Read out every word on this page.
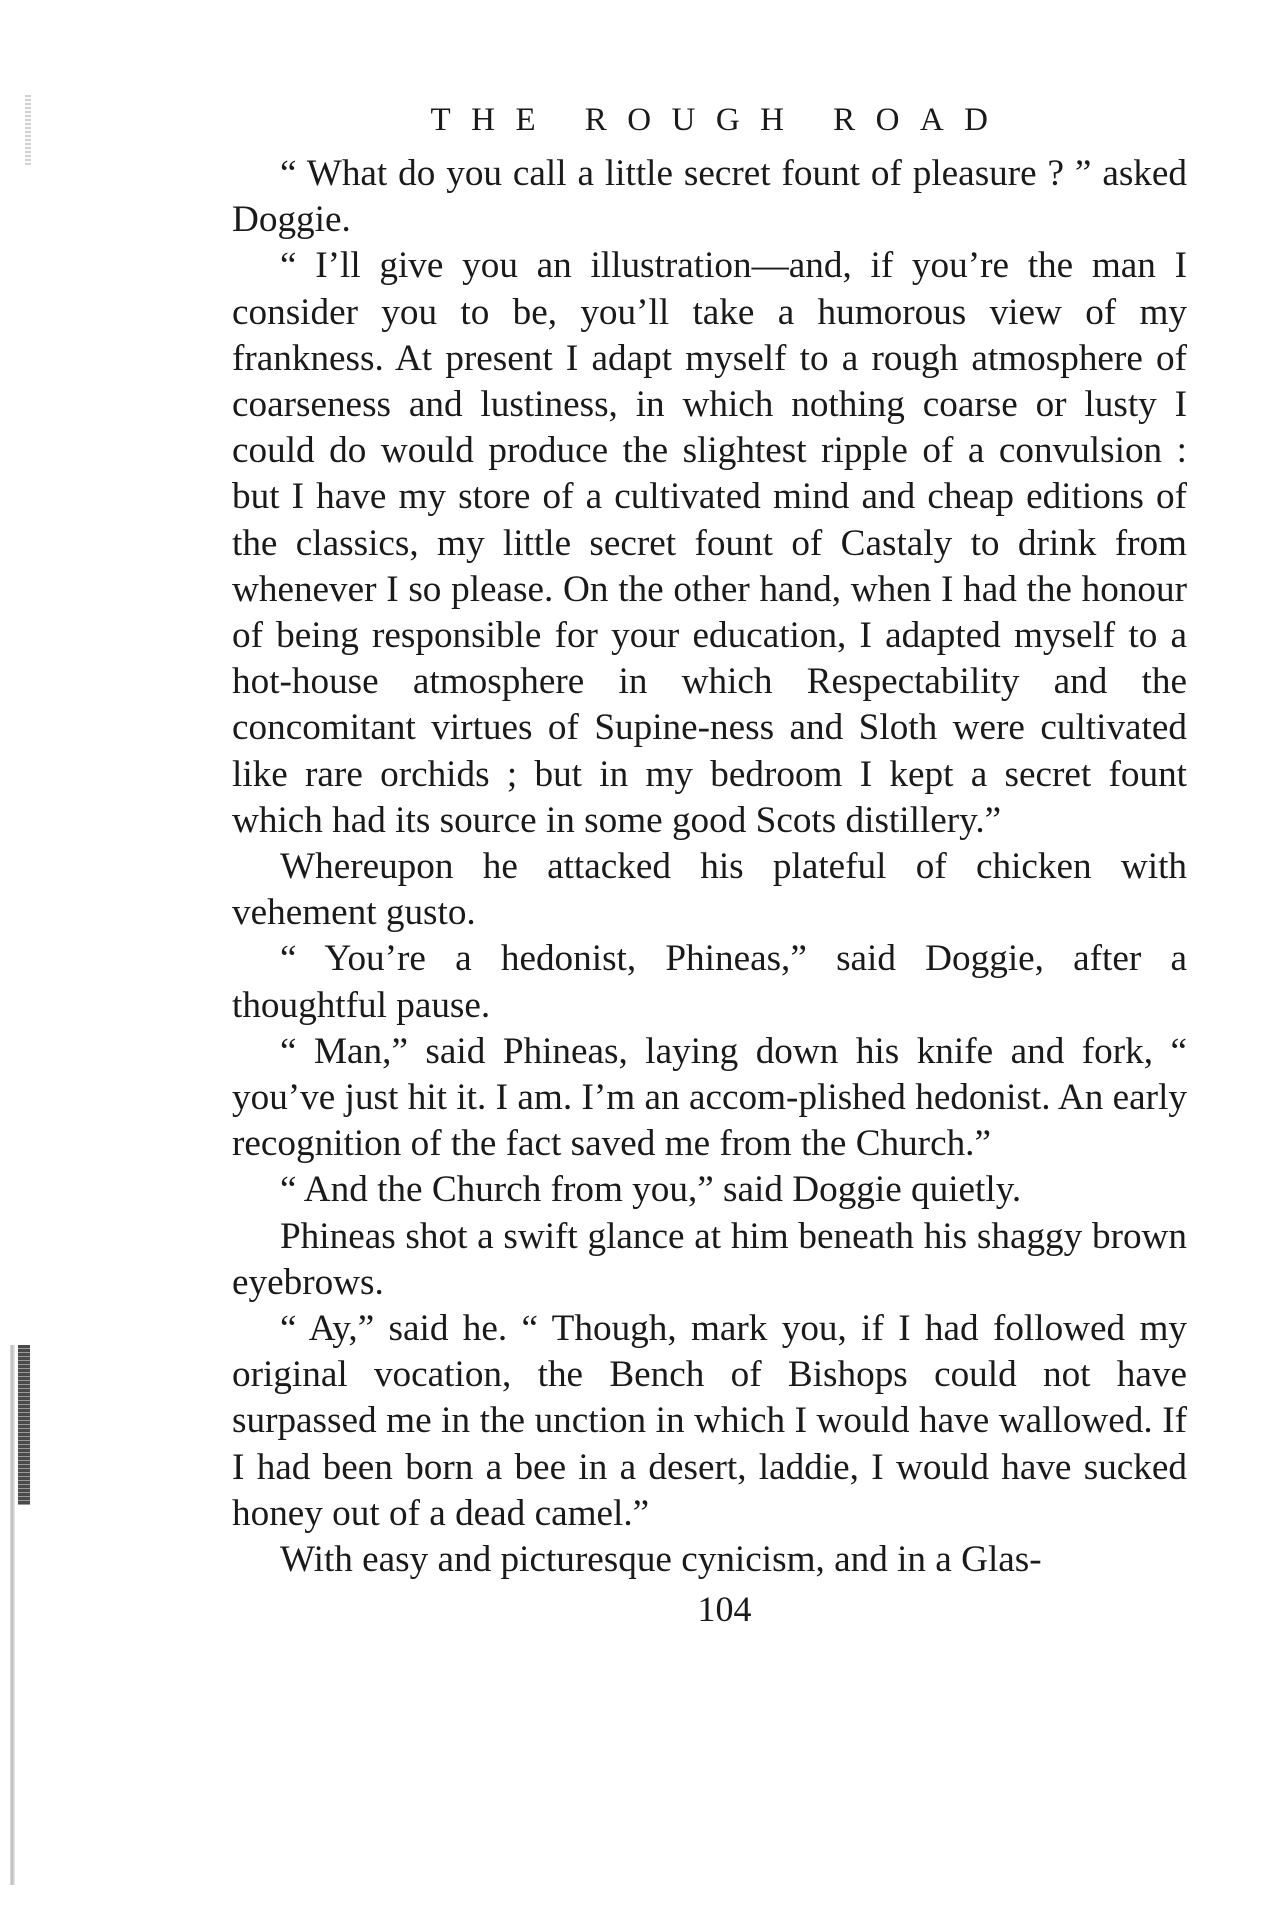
THE ROUGH ROAD

“ What do you call a little secret fount of pleasure ? ” asked Doggie.

“ I’ll give you an illustration—and, if you’re the man I consider you to be, you’ll take a humorous view of my frankness. At present I adapt myself to a rough atmosphere of coarseness and lustiness, in which nothing coarse or lusty I could do would produce the slightest ripple of a convulsion : but I have my store of a cultivated mind and cheap editions of the classics, my little secret fount of Castaly to drink from whenever I so please. On the other hand, when I had the honour of being responsible for your education, I adapted myself to a hot-house atmosphere in which Respectability and the concomitant virtues of Supine-ness and Sloth were cultivated like rare orchids ; but in my bedroom I kept a secret fount which had its source in some good Scots distillery.”

Whereupon he attacked his plateful of chicken with vehement gusto.

“ You’re a hedonist, Phineas,” said Doggie, after a thoughtful pause.

“ Man,” said Phineas, laying down his knife and fork, “ you’ve just hit it. I am. I’m an accom-plished hedonist. An early recognition of the fact saved me from the Church.”

“ And the Church from you,” said Doggie quietly.

Phineas shot a swift glance at him beneath his shaggy brown eyebrows.

“ Ay,” said he. “ Though, mark you, if I had followed my original vocation, the Bench of Bishops could not have surpassed me in the unction in which I would have wallowed. If I had been born a bee in a desert, laddie, I would have sucked honey out of a dead camel.”

With easy and picturesque cynicism, and in a Glas-

104
